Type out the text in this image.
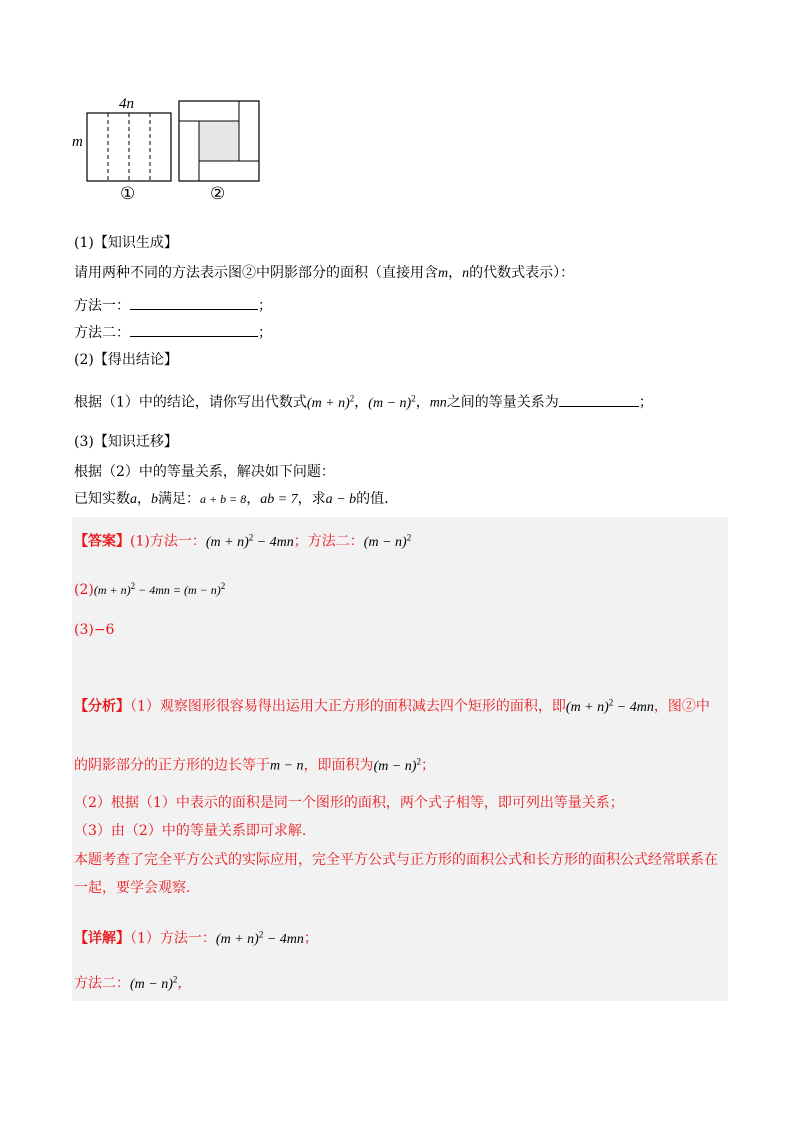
4n
m
①	②
(1)【知识生成】
请用两种不同的方法表示图②中阴影部分的面积（直接用含m，n的代数式表示）：
方法一：	；
方法二：	；
(2)【得出结论】
根据（1）中的结论，请你写出代数式$(m + n)^2$，$(m - n)^2$，mn之间的等量关系为	；
(3)【知识迁移】
根据（2）中的等量关系，解决如下问题：
已知实数a，b满足：a + b = 8，ab = 7，求a − b的值.
【答案】(1)方法一：$(m + n)^2 - 4mn$；方法二：$(m - n)^2$
$(2)(m + n)^2 - 4mn = (m - n)^2$
(3)−6
【分析】（1）观察图形很容易得出运用大正方形的面积减去四个矩形的面积，即$(m + n)^2 - 4mn$，图②中
的阴影部分的正方形的边长等于m − n，即面积为$(m - n)^2$；
（2）根据（1）中表示的面积是同一个图形的面积，两个式子相等，即可列出等量关系；
（3）由（2）中的等量关系即可求解.
本题考查了完全平方公式的实际应用，完全平方公式与正方形的面积公式和长方形的面积公式经常联系在
一起，要学会观察.
【详解】（1）方法一：$(m + n)^2 - 4mn$；
方法二：$(m - n)^2$，
